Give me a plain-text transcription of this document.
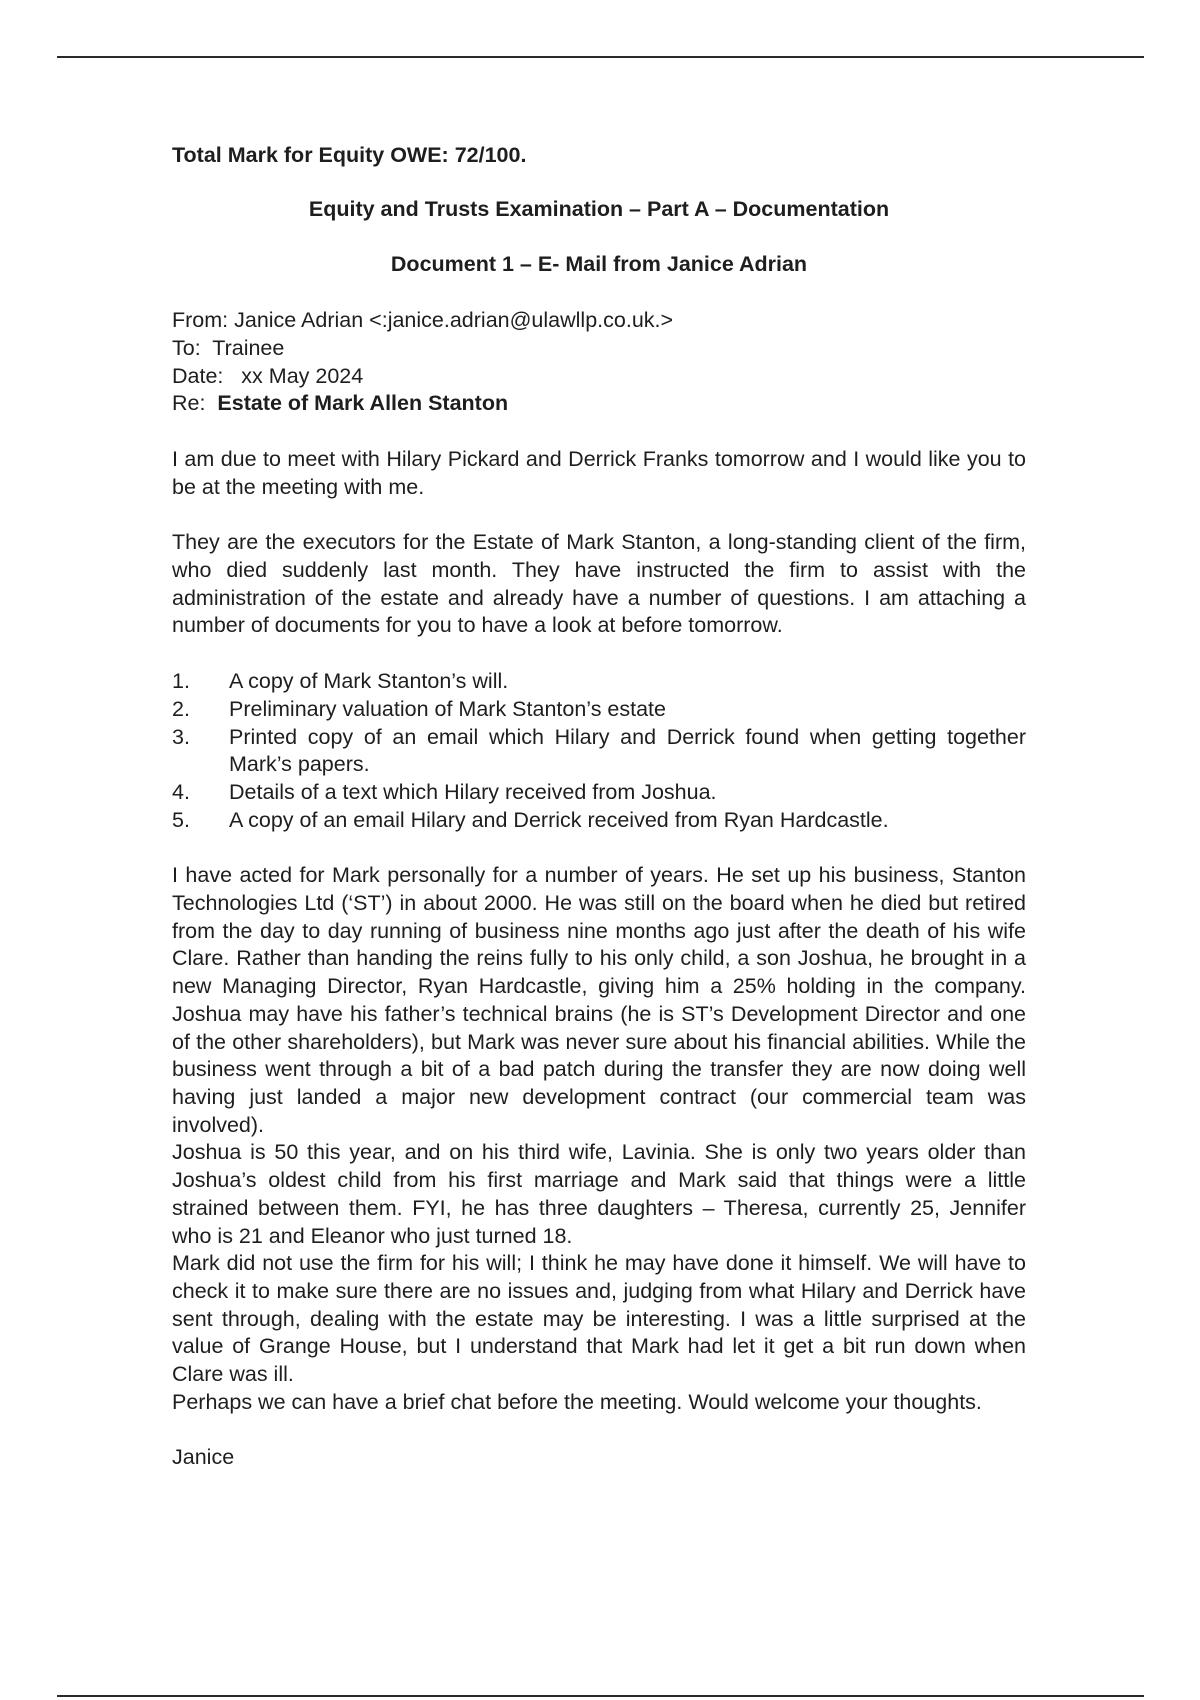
Total Mark for Equity OWE: 72/100.

Equity and Trusts Examination – Part A – Documentation

Document 1 – E- Mail from Janice Adrian

From: Janice Adrian <:janice.adrian@ulawllp.co.uk.>

To:  Trainee

Date:   xx May 2024

Re:  Estate of Mark Allen Stanton

I am due to meet with Hilary Pickard and Derrick Franks tomorrow and I would like you to be at the meeting with me.

They are the executors for the Estate of Mark Stanton, a long-standing client of the firm, who died suddenly last month. They have instructed the firm to assist with the administration of the estate and already have a number of questions. I am attaching a number of documents for you to have a look at before tomorrow.

1.	A copy of Mark Stanton’s will.
2.	Preliminary valuation of Mark Stanton’s estate
3.	Printed copy of an email which Hilary and Derrick found when getting together Mark’s papers.
4.	Details of a text which Hilary received from Joshua.
5.	A copy of an email Hilary and Derrick received from Ryan Hardcastle.

I have acted for Mark personally for a number of years. He set up his business, Stanton Technologies Ltd (‘ST’) in about 2000. He was still on the board when he died but retired from the day to day running of business nine months ago just after the death of his wife Clare. Rather than handing the reins fully to his only child, a son Joshua, he brought in a new Managing Director, Ryan Hardcastle, giving him a 25% holding in the company. Joshua may have his father’s technical brains (he is ST’s Development Director and one of the other shareholders), but Mark was never sure about his financial abilities. While the business went through a bit of a bad patch during the transfer they are now doing well having just landed a major new development contract (our commercial team was involved).

Joshua is 50 this year, and on his third wife, Lavinia. She is only two years older than Joshua’s oldest child from his first marriage and Mark said that things were a little strained between them. FYI, he has three daughters – Theresa, currently 25, Jennifer who is 21 and Eleanor who just turned 18.

Mark did not use the firm for his will; I think he may have done it himself. We will have to check it to make sure there are no issues and, judging from what Hilary and Derrick have sent through, dealing with the estate may be interesting. I was a little surprised at the value of Grange House, but I understand that Mark had let it get a bit run down when Clare was ill.

Perhaps we can have a brief chat before the meeting. Would welcome your thoughts.

Janice
